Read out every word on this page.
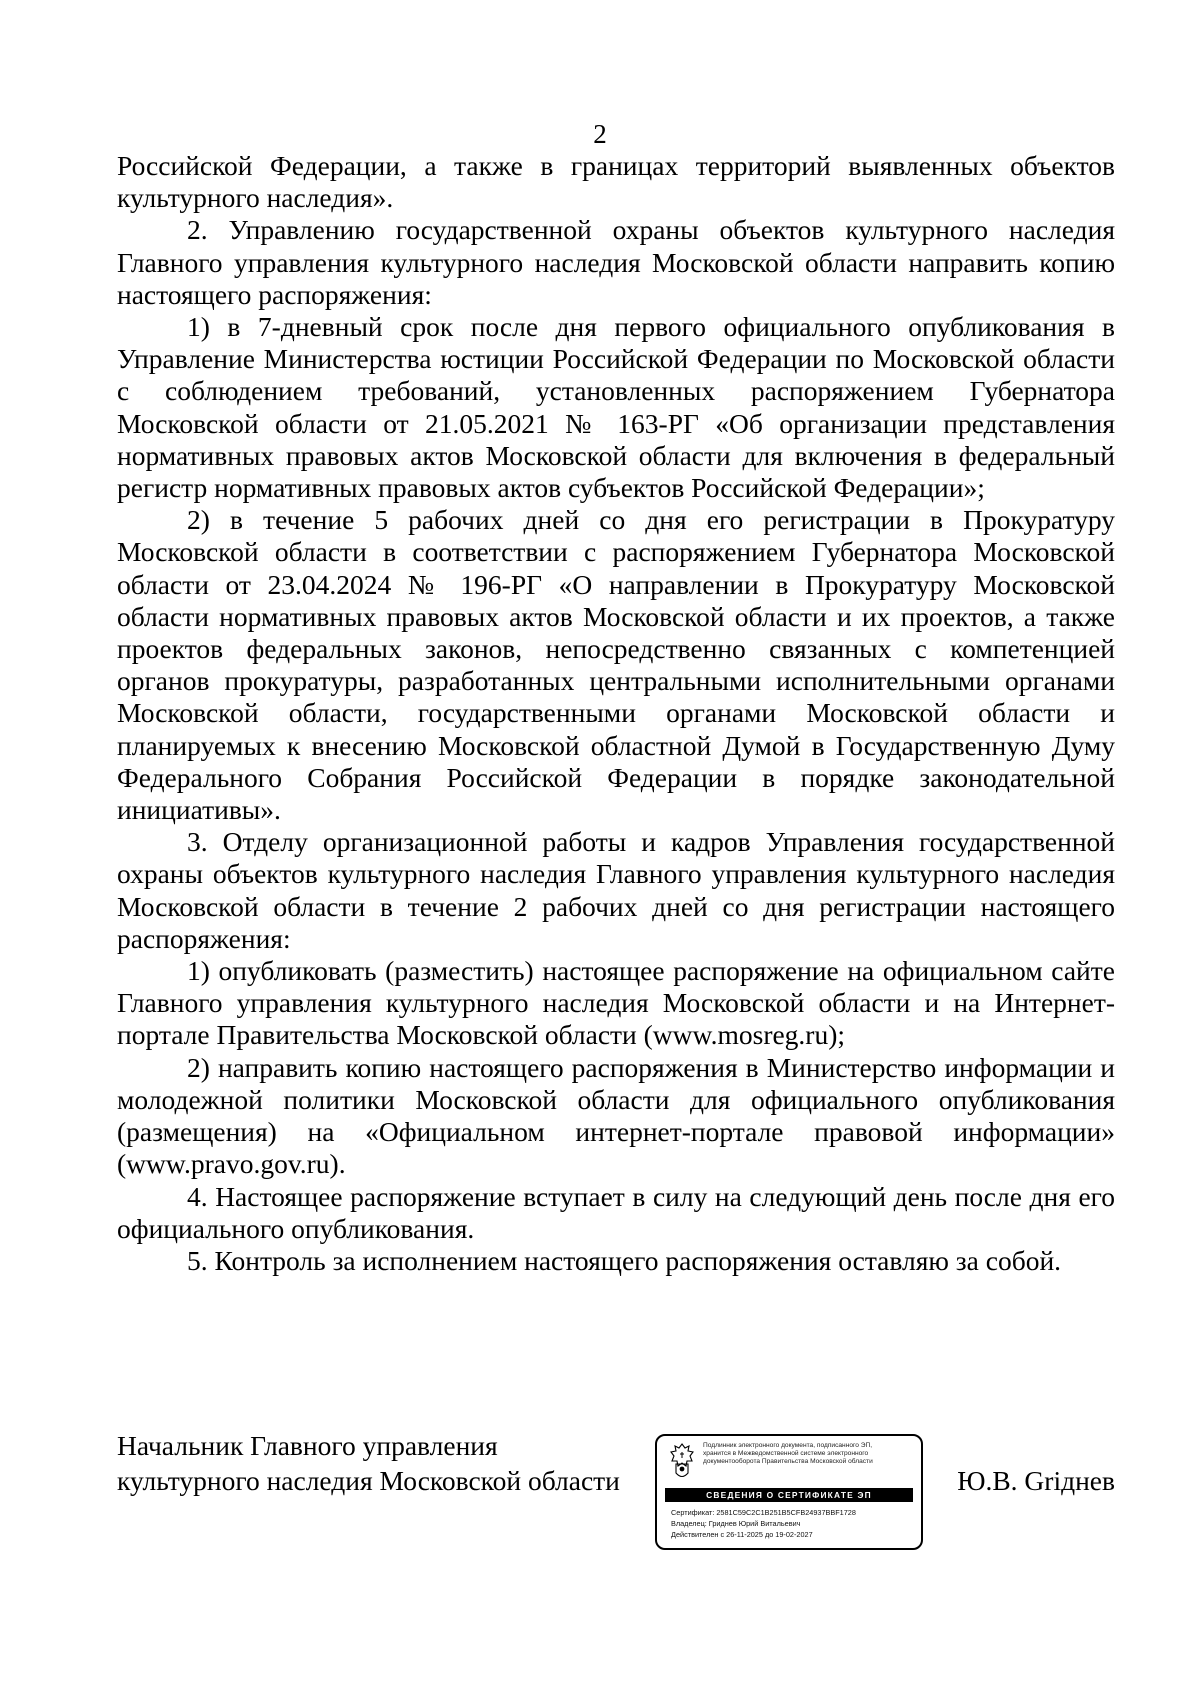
2

Российской Федерации, а также в границах территорий выявленных объектов культурного наследия».

2. Управлению государственной охраны объектов культурного наследия Главного управления культурного наследия Московской области направить копию настоящего распоряжения:

1) в 7-дневный срок после дня первого официального опубликования в Управление Министерства юстиции Российской Федерации по Московской области с соблюдением требований, установленных распоряжением Губернатора Московской области от 21.05.2021 № 163-РГ «Об организации представления нормативных правовых актов Московской области для включения в федеральный регистр нормативных правовых актов субъектов Российской Федерации»;

2) в течение 5 рабочих дней со дня его регистрации в Прокуратуру Московской области в соответствии с распоряжением Губернатора Московской области от 23.04.2024 № 196-РГ «О направлении в Прокуратуру Московской области нормативных правовых актов Московской области и их проектов, а также проектов федеральных законов, непосредственно связанных с компетенцией органов прокуратуры, разработанных центральными исполнительными органами Московской области, государственными органами Московской области и планируемых к внесению Московской областной Думой в Государственную Думу Федерального Собрания Российской Федерации в порядке законодательной инициативы».

3. Отделу организационной работы и кадров Управления государственной охраны объектов культурного наследия Главного управления культурного наследия Московской области в течение 2 рабочих дней со дня регистрации настоящего распоряжения:

1) опубликовать (разместить) настоящее распоряжение на официальном сайте Главного управления культурного наследия Московской области и на Интернет- портале Правительства Московской области (www.mosreg.ru);

2) направить копию настоящего распоряжения в Министерство информации и молодежной политики Московской области для официального опубликования (размещения) на «Официальном интернет-портале правовой информации» (www.pravo.gov.ru).

4. Настоящее распоряжение вступает в силу на следующий день после дня его официального опубликования.

5. Контроль за исполнением настоящего распоряжения оставляю за собой.

Начальник Главного управления
культурного наследия Московской области
Подлинник электронного документа, подписанного ЭП,
хранится в Межведомственной системе электронного
документооборота Правительства Московской области
СВЕДЕНИЯ О СЕРТИФИКАТЕ ЭП
Сертификат: 2581C59C2C1B251B5CFB24937BBF1728
Владелец: Гриднев Юрий Витальевич
Действителен с 26-11-2025 до 19-02-2027
Ю.В. Griднев
